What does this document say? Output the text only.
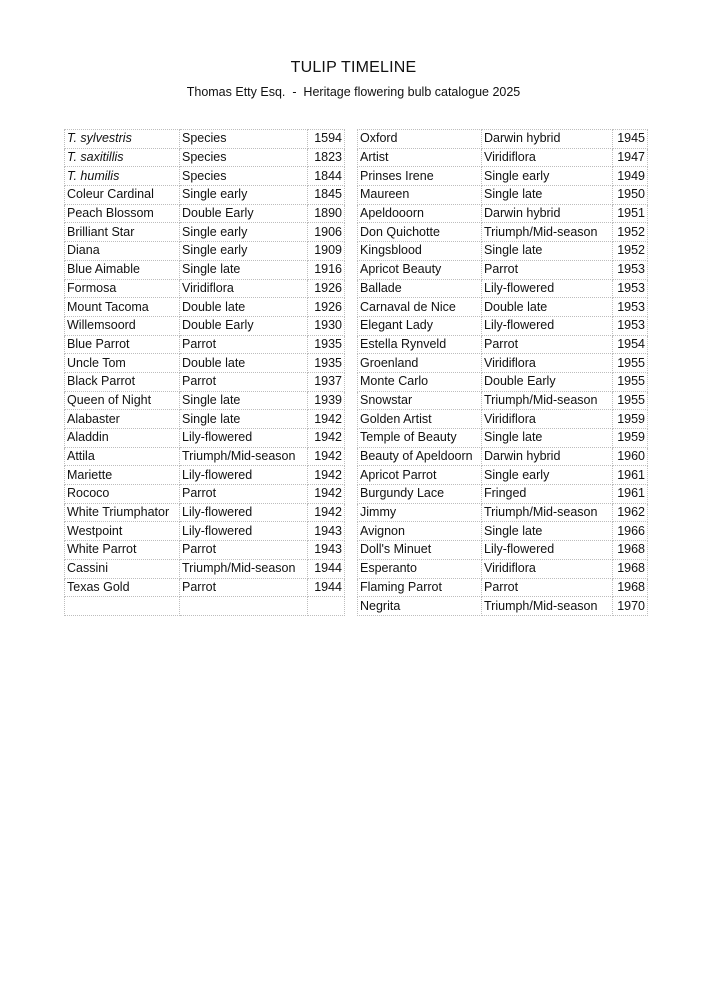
TULIP TIMELINE
Thomas Etty Esq.  -  Heritage flowering bulb catalogue 2025
T. sylvestris	Species	1594		Oxford	Darwin hybrid	1945
T. saxitillis	Species	1823		Artist	Viridiflora	1947
T. humilis	Species	1844		Prinses Irene	Single early	1949
Coleur Cardinal	Single early	1845		Maureen	Single late	1950
Peach Blossom	Double Early	1890		Apeldooorn	Darwin hybrid	1951
Brilliant Star	Single early	1906		Don Quichotte	Triumph/Mid-season	1952
Diana	Single early	1909		Kingsblood	Single late	1952
Blue Aimable	Single late	1916		Apricot Beauty	Parrot	1953
Formosa	Viridiflora	1926		Ballade	Lily-flowered	1953
Mount Tacoma	Double late	1926		Carnaval de Nice	Double late	1953
Willemsoord	Double Early	1930		Elegant Lady	Lily-flowered	1953
Blue Parrot	Parrot	1935		Estella Rynveld	Parrot	1954
Uncle Tom	Double late	1935		Groenland	Viridiflora	1955
Black Parrot	Parrot	1937		Monte Carlo	Double Early	1955
Queen of Night	Single late	1939		Snowstar	Triumph/Mid-season	1955
Alabaster	Single late	1942		Golden Artist	Viridiflora	1959
Aladdin	Lily-flowered	1942		Temple of Beauty	Single late	1959
Attila	Triumph/Mid-season	1942		Beauty of Apeldoorn	Darwin hybrid	1960
Mariette	Lily-flowered	1942		Apricot Parrot	Single early	1961
Rococo	Parrot	1942		Burgundy Lace	Fringed	1961
White Triumphator	Lily-flowered	1942		Jimmy	Triumph/Mid-season	1962
Westpoint	Lily-flowered	1943		Avignon	Single late	1966
White Parrot	Parrot	1943		Doll's Minuet	Lily-flowered	1968
Cassini	Triumph/Mid-season	1944		Esperanto	Viridiflora	1968
Texas Gold	Parrot	1944		Flaming Parrot	Parrot	1968
				Negrita	Triumph/Mid-season	1970
